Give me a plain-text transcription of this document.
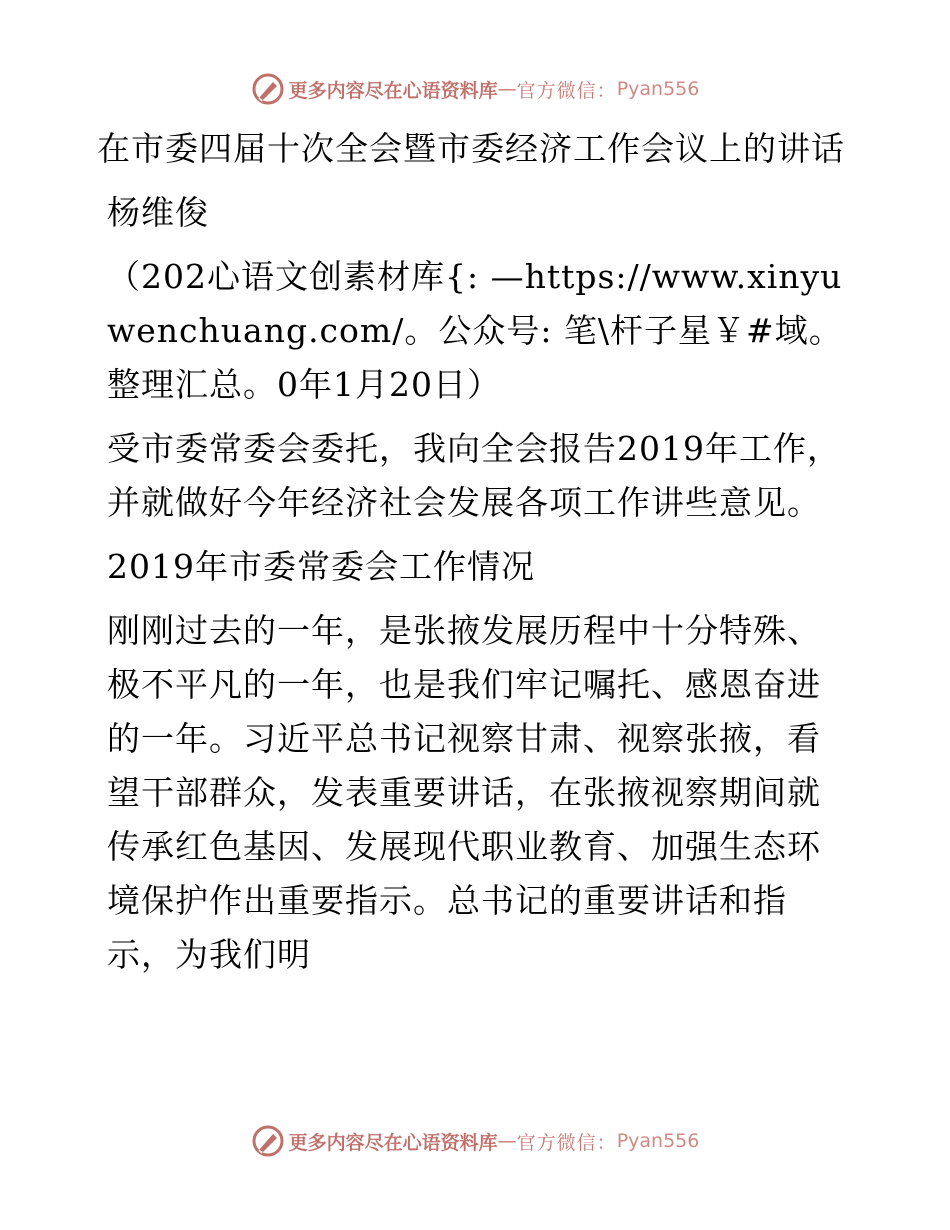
更多内容尽在心语资料库 — 官方微信： Pyan556

在市委四届十次全会暨市委经济工作会议上的讲话

杨维俊

（202心语文创素材库{: —https://www.xinyuwenchuang.com/。公众号: 笔\杆子星￥#域。整理汇总。0年1月20日）

受市委常委会委托，我向全会报告2019年工作，并就做好今年经济社会发展各项工作讲些意见。

2019年市委常委会工作情况

刚刚过去的一年，是张掖发展历程中十分特殊、极不平凡的一年，也是我们牢记嘱托、感恩奋进的一年。习近平总书记视察甘肃、视察张掖，看望干部群众，发表重要讲话，在张掖视察期间就传承红色基因、发展现代职业教育、加强生态环境保护作出重要指示。总书记的重要讲话和指示，为我们明

更多内容尽在心语资料库 — 官方微信： Pyan556
